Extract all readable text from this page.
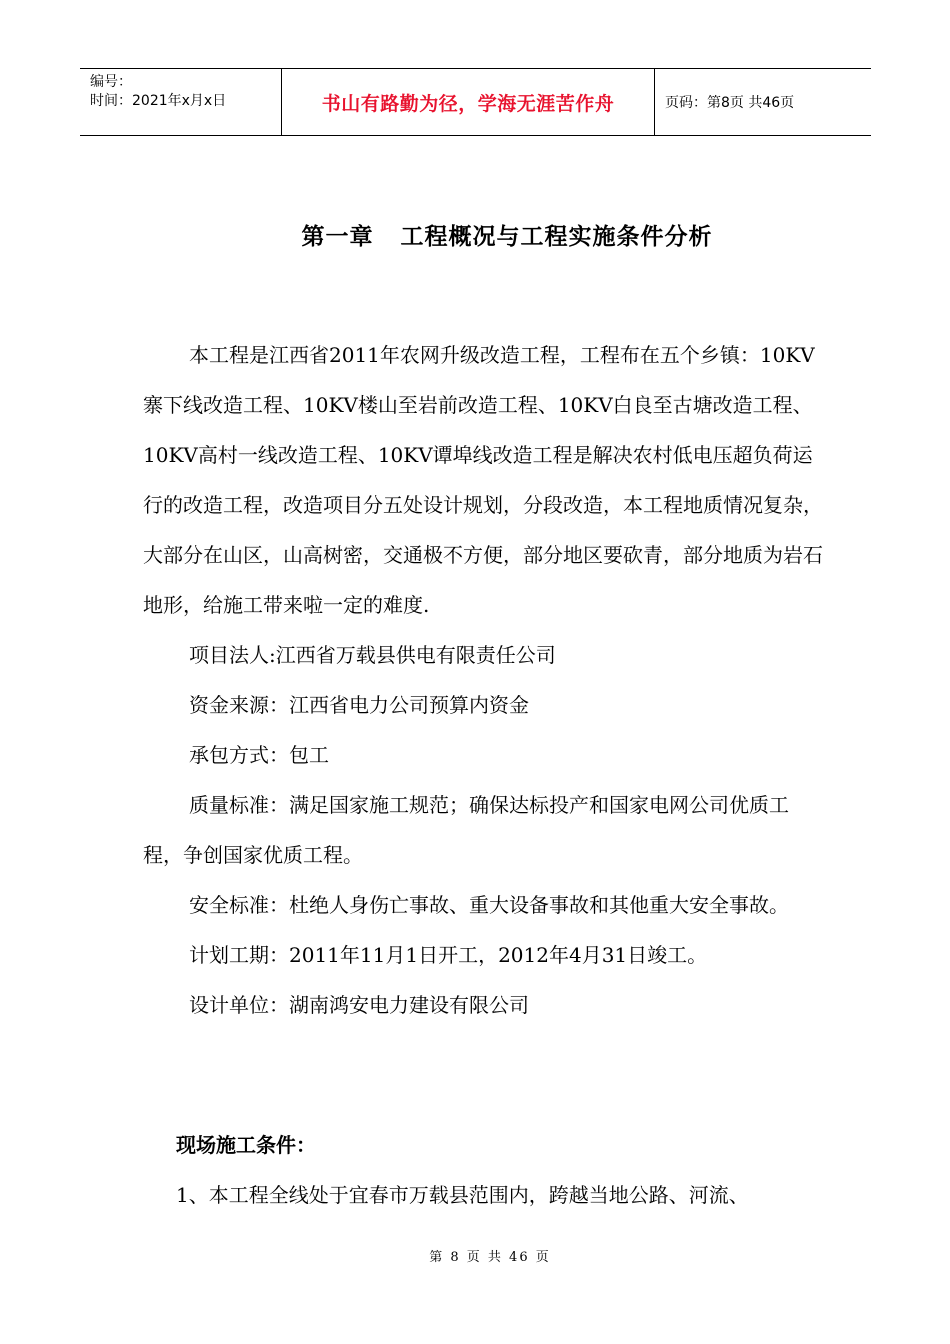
编号：
时间：2021年x月x日	书山有路勤为径，学海无涯苦作舟	页码：第8页 共46页
第一章   工程概况与工程实施条件分析

本工程是江西省2011年农网升级改造工程，工程布在五个乡镇：10KV寨下线改造工程、10KV楼山至岩前改造工程、10KV白良至古塘改造工程、10KV高村一线改造工程、10KV谭埠线改造工程是解决农村低电压超负荷运行的改造工程，改造项目分五处设计规划，分段改造，本工程地质情况复杂，大部分在山区，山高树密，交通极不方便，部分地区要砍青，部分地质为岩石地形，给施工带来啦一定的难度.

项目法人:江西省万载县供电有限责任公司

资金来源：江西省电力公司预算内资金

承包方式：包工

质量标准：满足国家施工规范；确保达标投产和国家电网公司优质工程，争创国家优质工程。

安全标准：杜绝人身伤亡事故、重大设备事故和其他重大安全事故。

计划工期：2011年11月1日开工，2012年4月31日竣工。

设计单位：湖南鸿安电力建设有限公司

现场施工条件：
1、本工程全线处于宜春市万载县范围内，跨越当地公路、河流、
第 8 页 共 46 页
